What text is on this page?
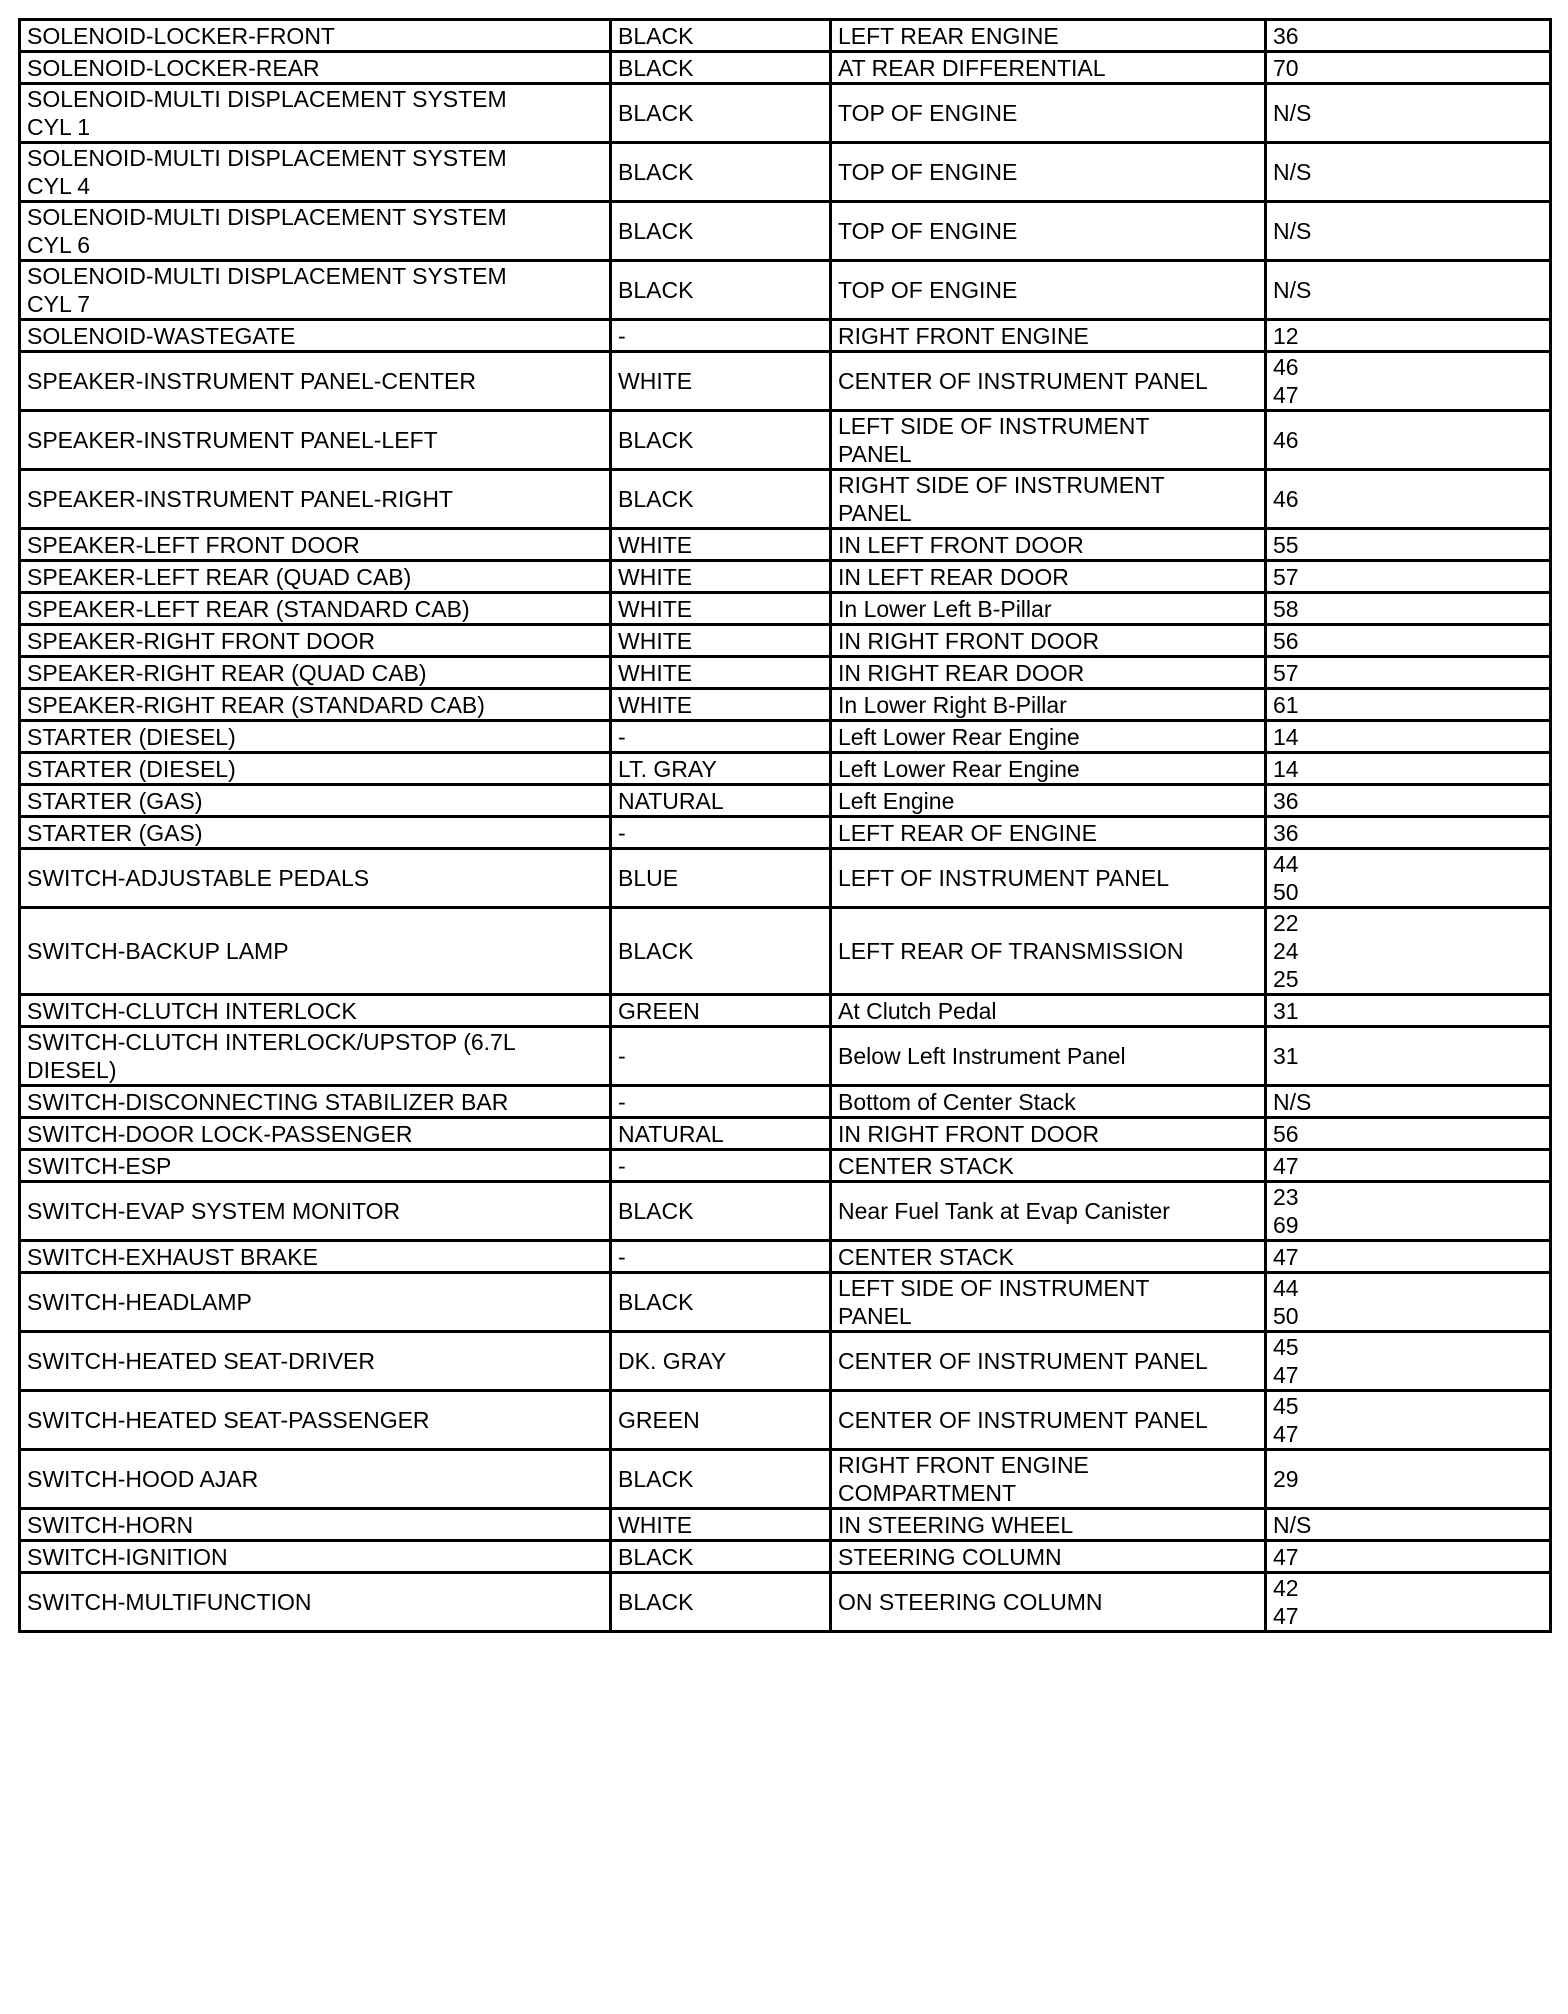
SOLENOID-LOCKER-FRONT	BLACK	LEFT REAR ENGINE	36
SOLENOID-LOCKER-REAR	BLACK	AT REAR DIFFERENTIAL	70
SOLENOID-MULTI DISPLACEMENT SYSTEM
CYL 1	BLACK	TOP OF ENGINE	N/S
SOLENOID-MULTI DISPLACEMENT SYSTEM
CYL 4	BLACK	TOP OF ENGINE	N/S
SOLENOID-MULTI DISPLACEMENT SYSTEM
CYL 6	BLACK	TOP OF ENGINE	N/S
SOLENOID-MULTI DISPLACEMENT SYSTEM
CYL 7	BLACK	TOP OF ENGINE	N/S
SOLENOID-WASTEGATE	-	RIGHT FRONT ENGINE	12
SPEAKER-INSTRUMENT PANEL-CENTER	WHITE	CENTER OF INSTRUMENT PANEL	46
47
SPEAKER-INSTRUMENT PANEL-LEFT	BLACK	LEFT SIDE OF INSTRUMENT
PANEL	46
SPEAKER-INSTRUMENT PANEL-RIGHT	BLACK	RIGHT SIDE OF INSTRUMENT
PANEL	46
SPEAKER-LEFT FRONT DOOR	WHITE	IN LEFT FRONT DOOR	55
SPEAKER-LEFT REAR (QUAD CAB)	WHITE	IN LEFT REAR DOOR	57
SPEAKER-LEFT REAR (STANDARD CAB)	WHITE	In Lower Left B-Pillar	58
SPEAKER-RIGHT FRONT DOOR	WHITE	IN RIGHT FRONT DOOR	56
SPEAKER-RIGHT REAR (QUAD CAB)	WHITE	IN RIGHT REAR DOOR	57
SPEAKER-RIGHT REAR (STANDARD CAB)	WHITE	In Lower Right B-Pillar	61
STARTER (DIESEL)	-	Left Lower Rear Engine	14
STARTER (DIESEL)	LT. GRAY	Left Lower Rear Engine	14
STARTER (GAS)	NATURAL	Left Engine	36
STARTER (GAS)	-	LEFT REAR OF ENGINE	36
SWITCH-ADJUSTABLE PEDALS	BLUE	LEFT OF INSTRUMENT PANEL	44
50
SWITCH-BACKUP LAMP	BLACK	LEFT REAR OF TRANSMISSION	22
24
25
SWITCH-CLUTCH INTERLOCK	GREEN	At Clutch Pedal	31
SWITCH-CLUTCH INTERLOCK/UPSTOP (6.7L
DIESEL)	-	Below Left Instrument Panel	31
SWITCH-DISCONNECTING STABILIZER BAR	-	Bottom of Center Stack	N/S
SWITCH-DOOR LOCK-PASSENGER	NATURAL	IN RIGHT FRONT DOOR	56
SWITCH-ESP	-	CENTER STACK	47
SWITCH-EVAP SYSTEM MONITOR	BLACK	Near Fuel Tank at Evap Canister	23
69
SWITCH-EXHAUST BRAKE	-	CENTER STACK	47
SWITCH-HEADLAMP	BLACK	LEFT SIDE OF INSTRUMENT
PANEL	44
50
SWITCH-HEATED SEAT-DRIVER	DK. GRAY	CENTER OF INSTRUMENT PANEL	45
47
SWITCH-HEATED SEAT-PASSENGER	GREEN	CENTER OF INSTRUMENT PANEL	45
47
SWITCH-HOOD AJAR	BLACK	RIGHT FRONT ENGINE
COMPARTMENT	29
SWITCH-HORN	WHITE	IN STEERING WHEEL	N/S
SWITCH-IGNITION	BLACK	STEERING COLUMN	47
SWITCH-MULTIFUNCTION	BLACK	ON STEERING COLUMN	42
47
